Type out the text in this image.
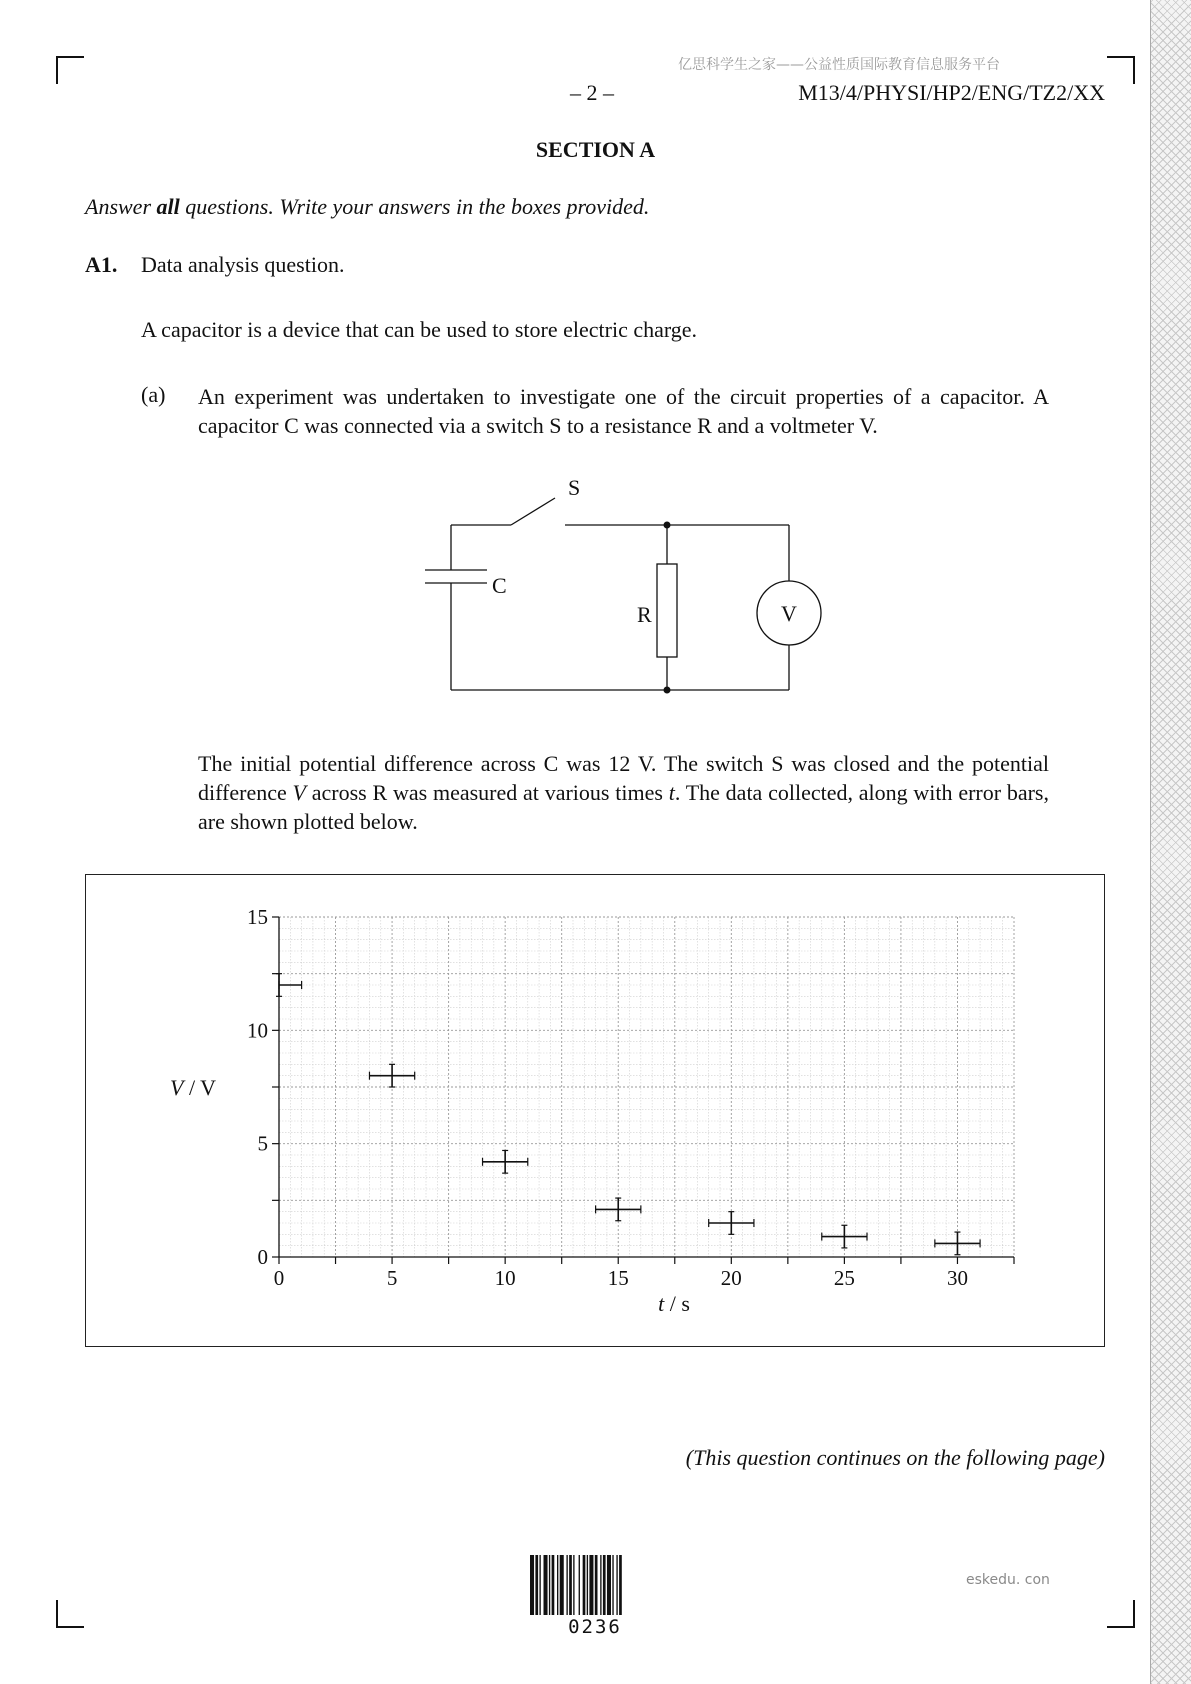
亿思科学生之家——公益性质国际教育信息服务平台
– 2 –	M13/4/PHYSI/HP2/ENG/TZ2/XX
SECTION A
Answer all questions. Write your answers in the boxes provided.
A1. Data analysis question.
A capacitor is a device that can be used to store electric charge.
(a) An experiment was undertaken to investigate one of the circuit properties of a capacitor. A capacitor C was connected via a switch S to a resistance R and a voltmeter V.
S
C
R	V
The initial potential difference across C was 12 V. The switch S was closed and the potential difference V across R was measured at various times t. The data collected, along with error bars, are shown plotted below.
0	5	10	15	20	25	30
0
5
10
15
t / s
V / V
(This question continues on the following page)
0236
eskedu. con
